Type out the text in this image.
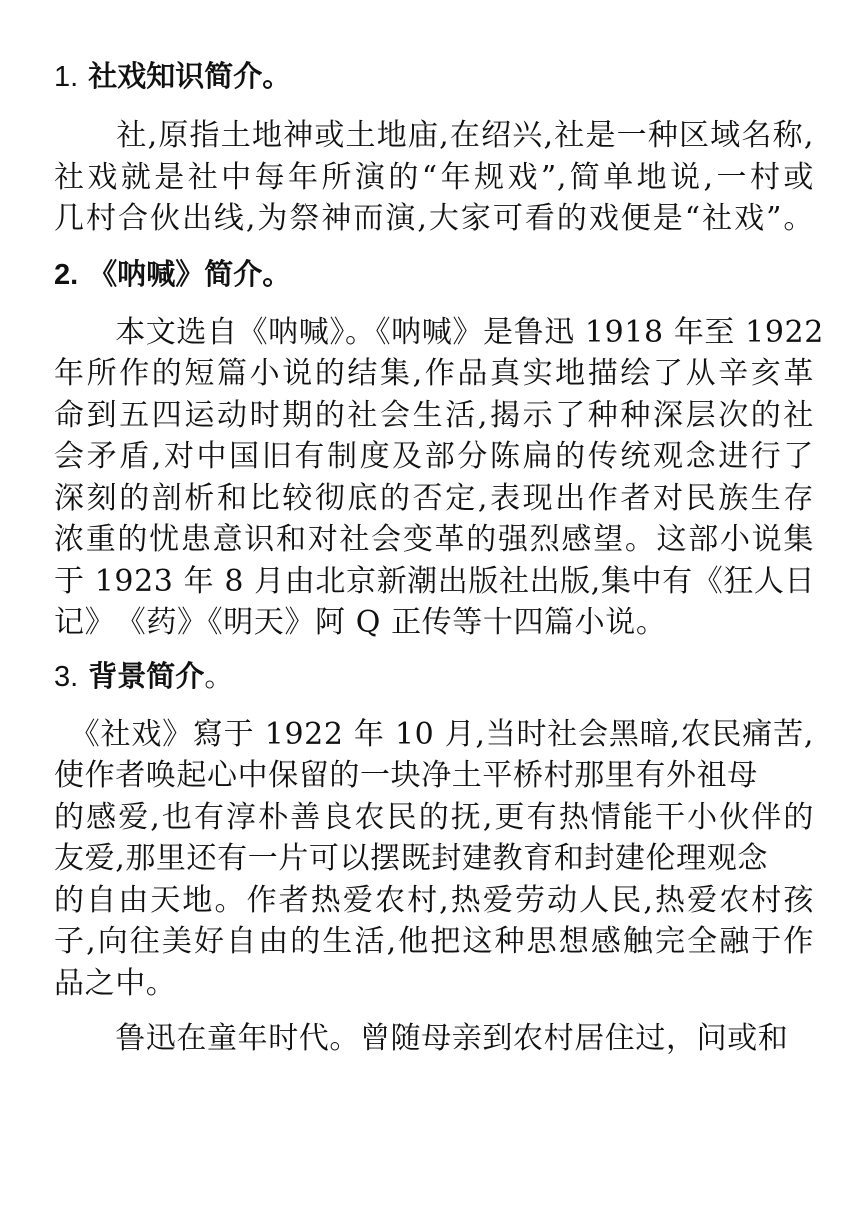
1. 社戏知识简介。

　　社,原指土地神或土地庙,在绍兴,社是一种区域名称,
社戏就是社中每年所演的“年规戏”,简单地说,一村或
几村合伙出线,为祭神而演,大家可看的戏便是“社戏”。

2. 《呐喊》简介。

　　本文选自《呐喊》。《呐喊》是鲁迅 1918 年至 1922
年所作的短篇小说的结集,作品真实地描绘了从辛亥革
命到五四运动时期的社会生活,揭示了种种深层次的社
会矛盾,对中国旧有制度及部分陈扁的传统观念进行了
深刻的剖析和比较彻底的否定,表现出作者对民族生存
浓重的忧患意识和对社会变革的强烈感望。这部小说集
于 1923 年 8 月由北京新潮出版社出版,集中有《狂人日
记》　《药》《明天》阿 Q 正传等十四篇小说。

3. 背景简介。

　《社戏》寫于 1922 年 10 月,当时社会黑暗,农民痛苦,
使作者唤起心中保留的一块净土平桥村那里有外祖母
的感爱,也有淳朴善良农民的抚,更有热情能干小伙伴的
友爱,那里还有一片可以摆既封建教育和封建伦理观念
的自由天地。作者热爱农村,热爱劳动人民,热爱农村孩
子,向往美好自由的生活,他把这种思想感触完全融于作
品之中。

　　鲁迅在童年时代。曾随母亲到农村居住过，问或和
